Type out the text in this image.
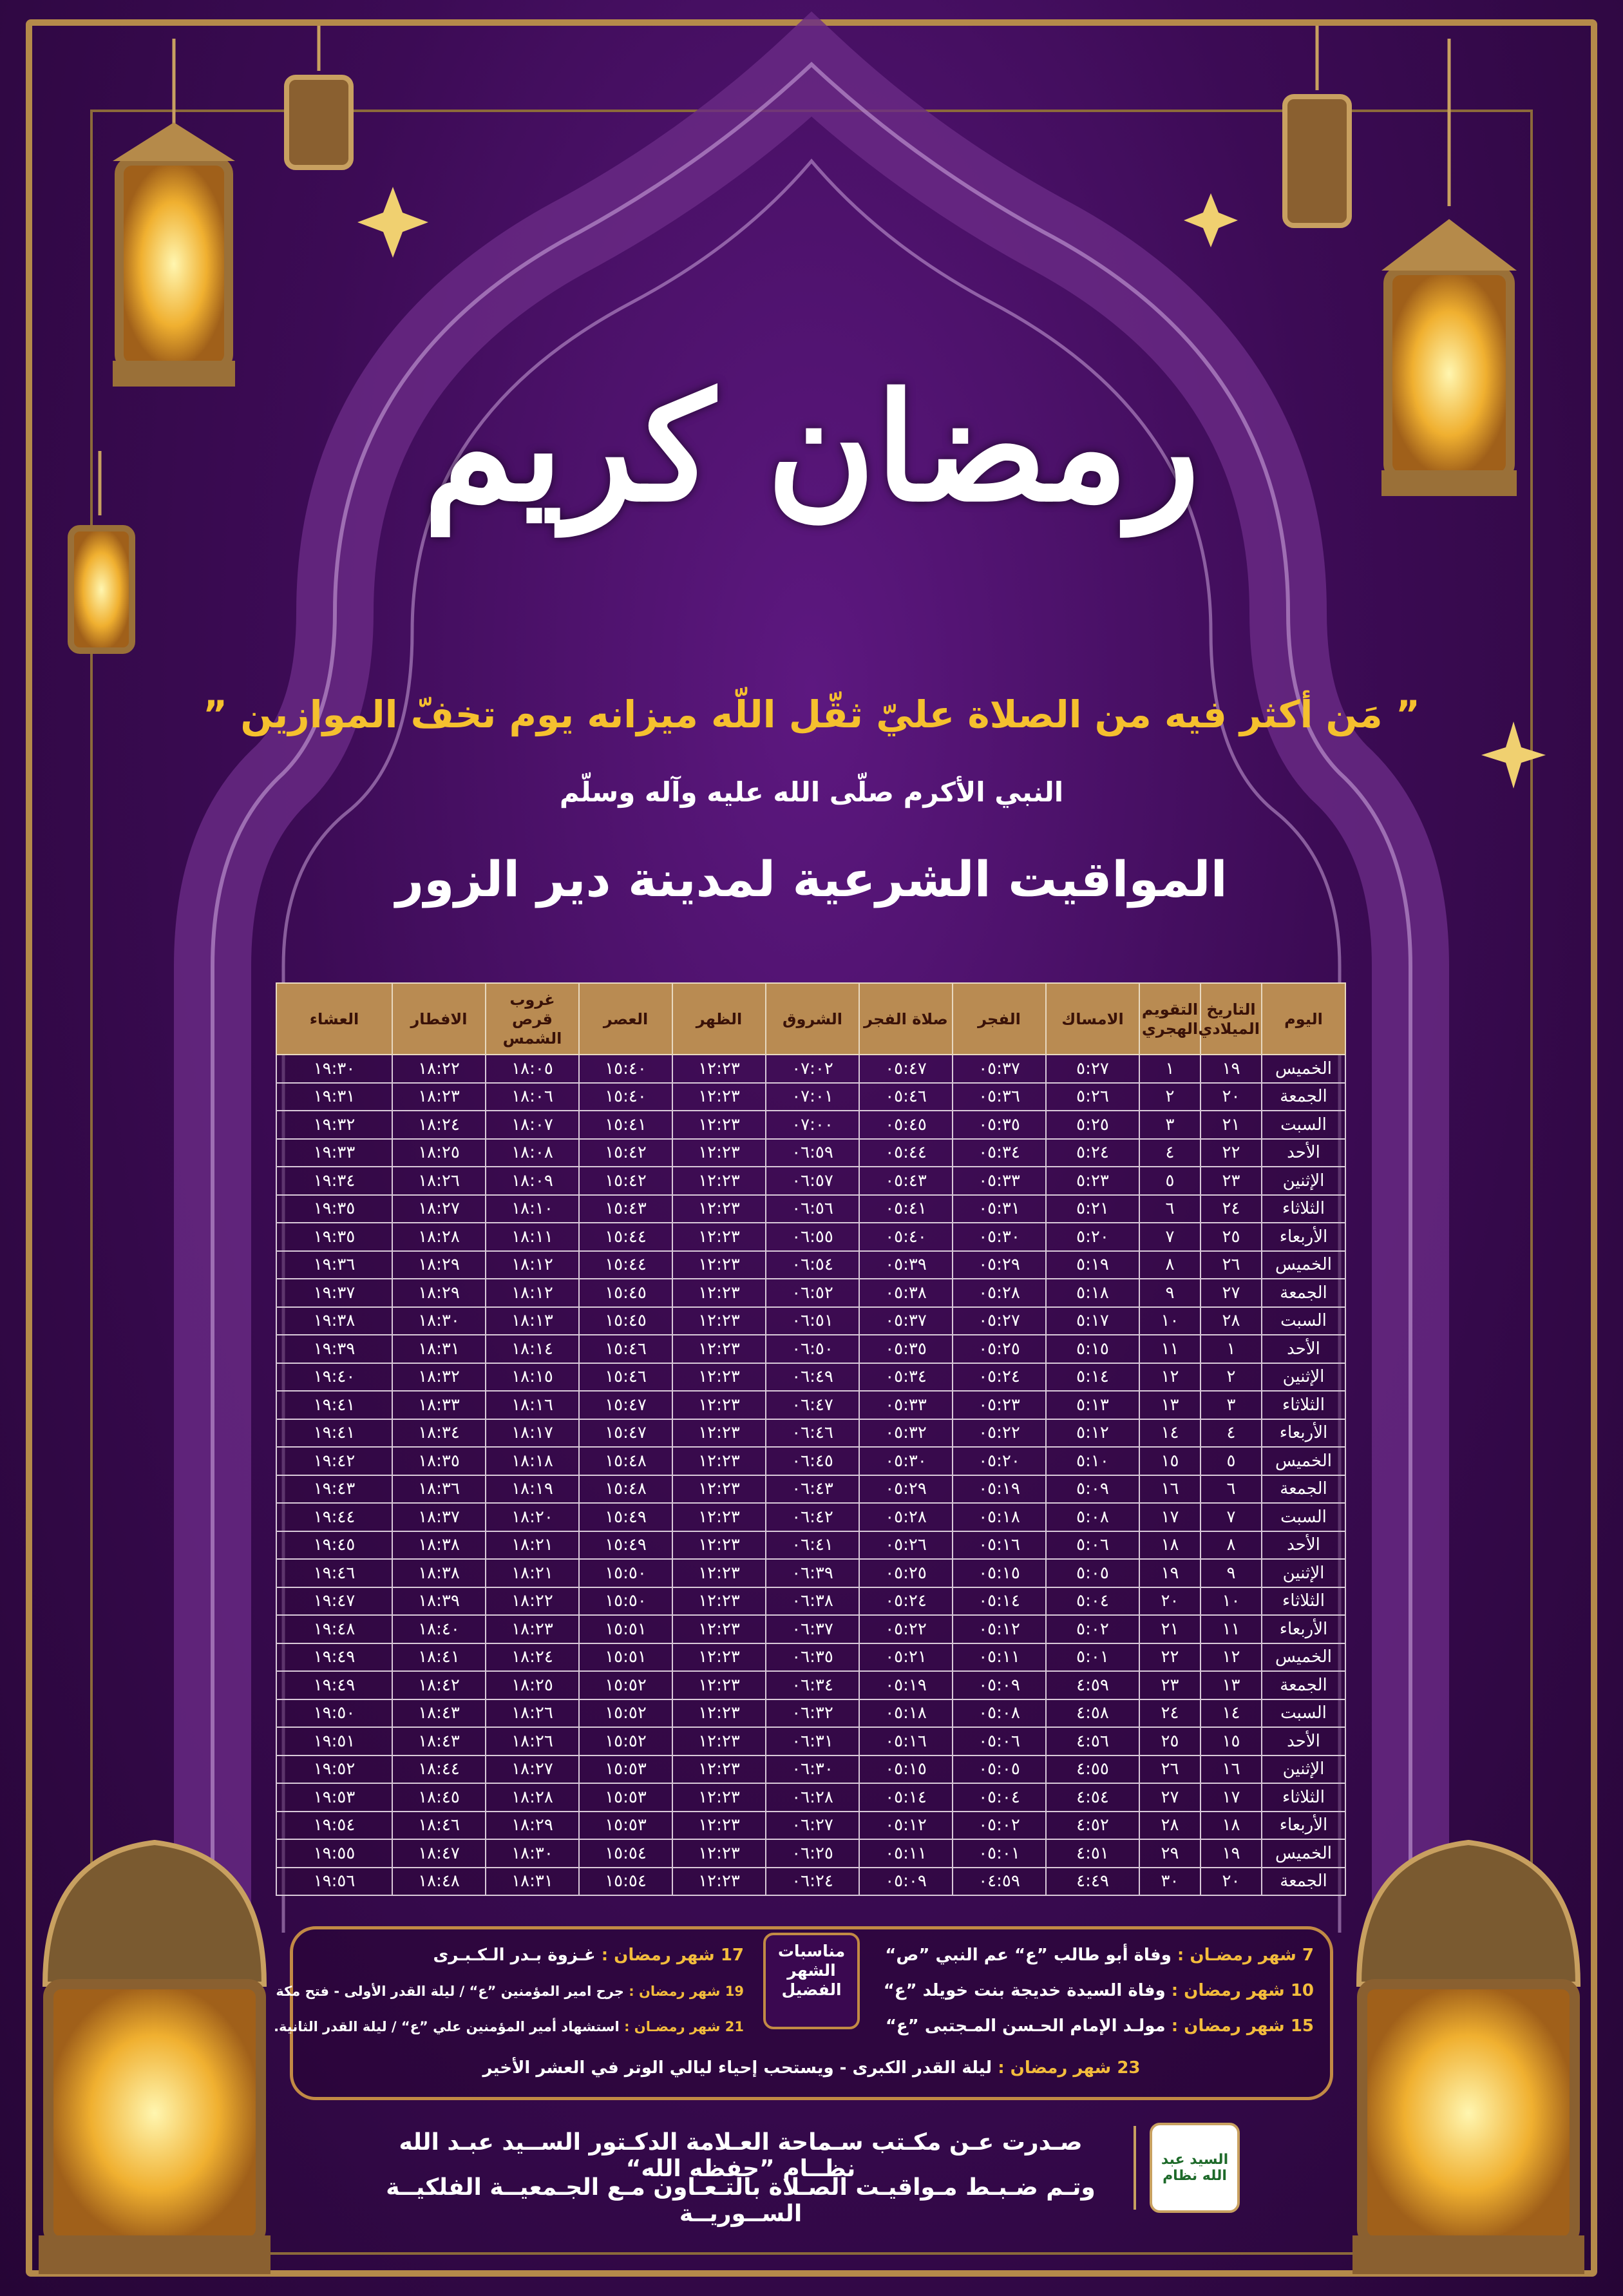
رمضان كريم
” مَن أكثر فيه من الصلاة عليّ ثقّل اللّه ميزانه يوم تخفّ الموازين ”
النبي الأكرم صلّى الله عليه وآله وسلّم
المواقيت الشرعية لمدينة دير الزور
اليوم	التاريخ الميلادي	التقويم الهجري	الامساك	الفجر	صلاة الفجر	الشروق	الظهر	العصر	غروب قرص الشمس	الافطار	العشاء
الخميس	١٩	١	٥:٢٧	٠٥:٣٧	٠٥:٤٧	٠٧:٠٢	١٢:٢٣	١٥:٤٠	١٨:٠٥	١٨:٢٢	١٩:٣٠
الجمعة	٢٠	٢	٥:٢٦	٠٥:٣٦	٠٥:٤٦	٠٧:٠١	١٢:٢٣	١٥:٤٠	١٨:٠٦	١٨:٢٣	١٩:٣١
السبت	٢١	٣	٥:٢٥	٠٥:٣٥	٠٥:٤٥	٠٧:٠٠	١٢:٢٣	١٥:٤١	١٨:٠٧	١٨:٢٤	١٩:٣٢
الأحد	٢٢	٤	٥:٢٤	٠٥:٣٤	٠٥:٤٤	٠٦:٥٩	١٢:٢٣	١٥:٤٢	١٨:٠٨	١٨:٢٥	١٩:٣٣
الإثنين	٢٣	٥	٥:٢٣	٠٥:٣٣	٠٥:٤٣	٠٦:٥٧	١٢:٢٣	١٥:٤٢	١٨:٠٩	١٨:٢٦	١٩:٣٤
الثلاثاء	٢٤	٦	٥:٢١	٠٥:٣١	٠٥:٤١	٠٦:٥٦	١٢:٢٣	١٥:٤٣	١٨:١٠	١٨:٢٧	١٩:٣٥
الأربعاء	٢٥	٧	٥:٢٠	٠٥:٣٠	٠٥:٤٠	٠٦:٥٥	١٢:٢٣	١٥:٤٤	١٨:١١	١٨:٢٨	١٩:٣٥
الخميس	٢٦	٨	٥:١٩	٠٥:٢٩	٠٥:٣٩	٠٦:٥٤	١٢:٢٣	١٥:٤٤	١٨:١٢	١٨:٢٩	١٩:٣٦
الجمعة	٢٧	٩	٥:١٨	٠٥:٢٨	٠٥:٣٨	٠٦:٥٢	١٢:٢٣	١٥:٤٥	١٨:١٢	١٨:٢٩	١٩:٣٧
السبت	٢٨	١٠	٥:١٧	٠٥:٢٧	٠٥:٣٧	٠٦:٥١	١٢:٢٣	١٥:٤٥	١٨:١٣	١٨:٣٠	١٩:٣٨
الأحد	١	١١	٥:١٥	٠٥:٢٥	٠٥:٣٥	٠٦:٥٠	١٢:٢٣	١٥:٤٦	١٨:١٤	١٨:٣١	١٩:٣٩
الإثنين	٢	١٢	٥:١٤	٠٥:٢٤	٠٥:٣٤	٠٦:٤٩	١٢:٢٣	١٥:٤٦	١٨:١٥	١٨:٣٢	١٩:٤٠
الثلاثاء	٣	١٣	٥:١٣	٠٥:٢٣	٠٥:٣٣	٠٦:٤٧	١٢:٢٣	١٥:٤٧	١٨:١٦	١٨:٣٣	١٩:٤١
الأربعاء	٤	١٤	٥:١٢	٠٥:٢٢	٠٥:٣٢	٠٦:٤٦	١٢:٢٣	١٥:٤٧	١٨:١٧	١٨:٣٤	١٩:٤١
الخميس	٥	١٥	٥:١٠	٠٥:٢٠	٠٥:٣٠	٠٦:٤٥	١٢:٢٣	١٥:٤٨	١٨:١٨	١٨:٣٥	١٩:٤٢
الجمعة	٦	١٦	٥:٠٩	٠٥:١٩	٠٥:٢٩	٠٦:٤٣	١٢:٢٣	١٥:٤٨	١٨:١٩	١٨:٣٦	١٩:٤٣
السبت	٧	١٧	٥:٠٨	٠٥:١٨	٠٥:٢٨	٠٦:٤٢	١٢:٢٣	١٥:٤٩	١٨:٢٠	١٨:٣٧	١٩:٤٤
الأحد	٨	١٨	٥:٠٦	٠٥:١٦	٠٥:٢٦	٠٦:٤١	١٢:٢٣	١٥:٤٩	١٨:٢١	١٨:٣٨	١٩:٤٥
الإثنين	٩	١٩	٥:٠٥	٠٥:١٥	٠٥:٢٥	٠٦:٣٩	١٢:٢٣	١٥:٥٠	١٨:٢١	١٨:٣٨	١٩:٤٦
الثلاثاء	١٠	٢٠	٥:٠٤	٠٥:١٤	٠٥:٢٤	٠٦:٣٨	١٢:٢٣	١٥:٥٠	١٨:٢٢	١٨:٣٩	١٩:٤٧
الأربعاء	١١	٢١	٥:٠٢	٠٥:١٢	٠٥:٢٢	٠٦:٣٧	١٢:٢٣	١٥:٥١	١٨:٢٣	١٨:٤٠	١٩:٤٨
الخميس	١٢	٢٢	٥:٠١	٠٥:١١	٠٥:٢١	٠٦:٣٥	١٢:٢٣	١٥:٥١	١٨:٢٤	١٨:٤١	١٩:٤٩
الجمعة	١٣	٢٣	٤:٥٩	٠٥:٠٩	٠٥:١٩	٠٦:٣٤	١٢:٢٣	١٥:٥٢	١٨:٢٥	١٨:٤٢	١٩:٤٩
السبت	١٤	٢٤	٤:٥٨	٠٥:٠٨	٠٥:١٨	٠٦:٣٢	١٢:٢٣	١٥:٥٢	١٨:٢٦	١٨:٤٣	١٩:٥٠
الأحد	١٥	٢٥	٤:٥٦	٠٥:٠٦	٠٥:١٦	٠٦:٣١	١٢:٢٣	١٥:٥٢	١٨:٢٦	١٨:٤٣	١٩:٥١
الإثنين	١٦	٢٦	٤:٥٥	٠٥:٠٥	٠٥:١٥	٠٦:٣٠	١٢:٢٣	١٥:٥٣	١٨:٢٧	١٨:٤٤	١٩:٥٢
الثلاثاء	١٧	٢٧	٤:٥٤	٠٥:٠٤	٠٥:١٤	٠٦:٢٨	١٢:٢٣	١٥:٥٣	١٨:٢٨	١٨:٤٥	١٩:٥٣
الأربعاء	١٨	٢٨	٤:٥٢	٠٥:٠٢	٠٥:١٢	٠٦:٢٧	١٢:٢٣	١٥:٥٣	١٨:٢٩	١٨:٤٦	١٩:٥٤
الخميس	١٩	٢٩	٤:٥١	٠٥:٠١	٠٥:١١	٠٦:٢٥	١٢:٢٣	١٥:٥٤	١٨:٣٠	١٨:٤٧	١٩:٥٥
الجمعة	٢٠	٣٠	٤:٤٩	٠٤:٥٩	٠٥:٠٩	٠٦:٢٤	١٢:٢٣	١٥:٥٤	١٨:٣١	١٨:٤٨	١٩:٥٦
مناسبات الشهر الفضيل
7 شهر رمضـان : وفاة أبو طالب ”ع“ عم النبي ”ص“
10 شهر رمضان : وفاة السيدة خديجة بنت خويلد ”ع“
15 شهر رمضان : مولـد الإمام الحـسن المـجتبى ”ع“
17 شهر رمضان : غـزوة بـدر الـكـبـرى
19 شهر رمضان : جرح امير المؤمنين ”ع“ / ليلة القدر الأولى - فتح مكة
21 شهر رمضـان : استشهاد أمير المؤمنين علي ”ع“ / ليلة القدر الثانية.
23 شهر رمضان : ليلة القدر الكبرى - ويستحب إحياء ليالي الوتر في العشر الأخير
السيد عبد الله نظام
صـدرت عـن مكـتب سـماحة العـلامة الدكـتور الســيد عبـد الله نظــام ”حفظه الله“
وتـم ضـبـط مـواقيـت الصـلاة بالتـعـاون مـع الجـمعيــة الفلكيــة الســوريــة
